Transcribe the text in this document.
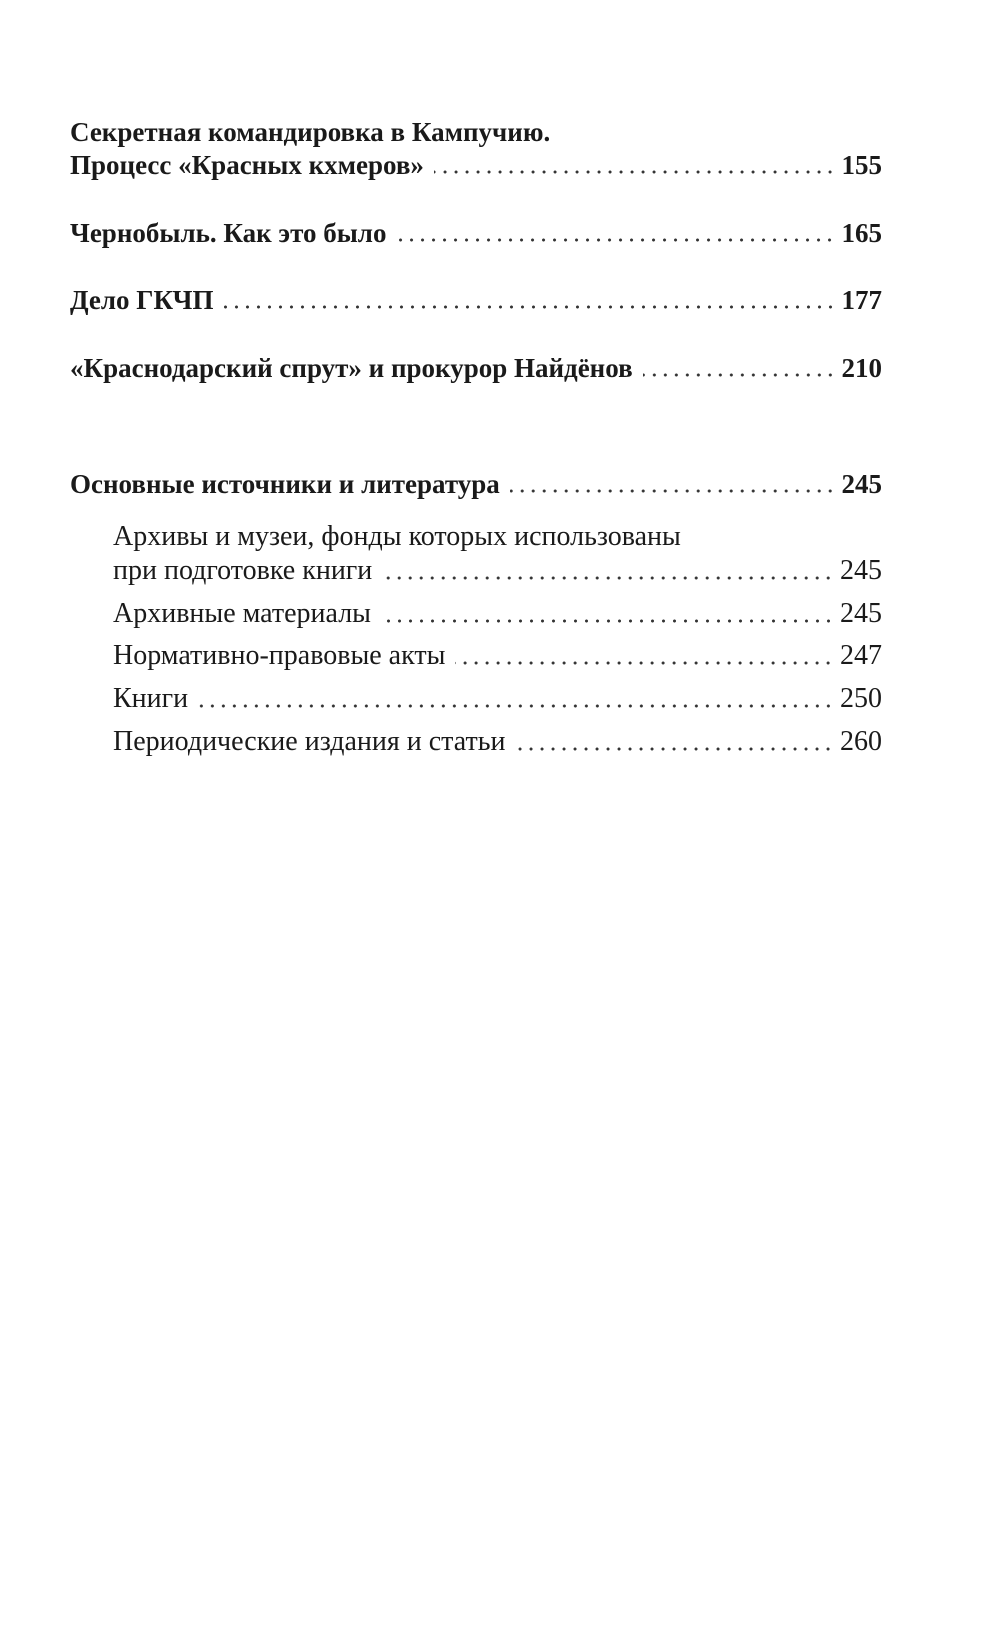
Секретная командировка в Кампучию.
Процесс «Красных кхмеров»	155
Чернобыль. Как это было	165
Дело ГКЧП	177
«Краснодарский спрут» и прокурор Найдёнов	210
Основные источники и литература	245
Архивы и музеи, фонды которых использованы
при подготовке книги	245
Архивные материалы	245
Нормативно-правовые акты	247
Книги	250
Периодические издания и статьи	260
